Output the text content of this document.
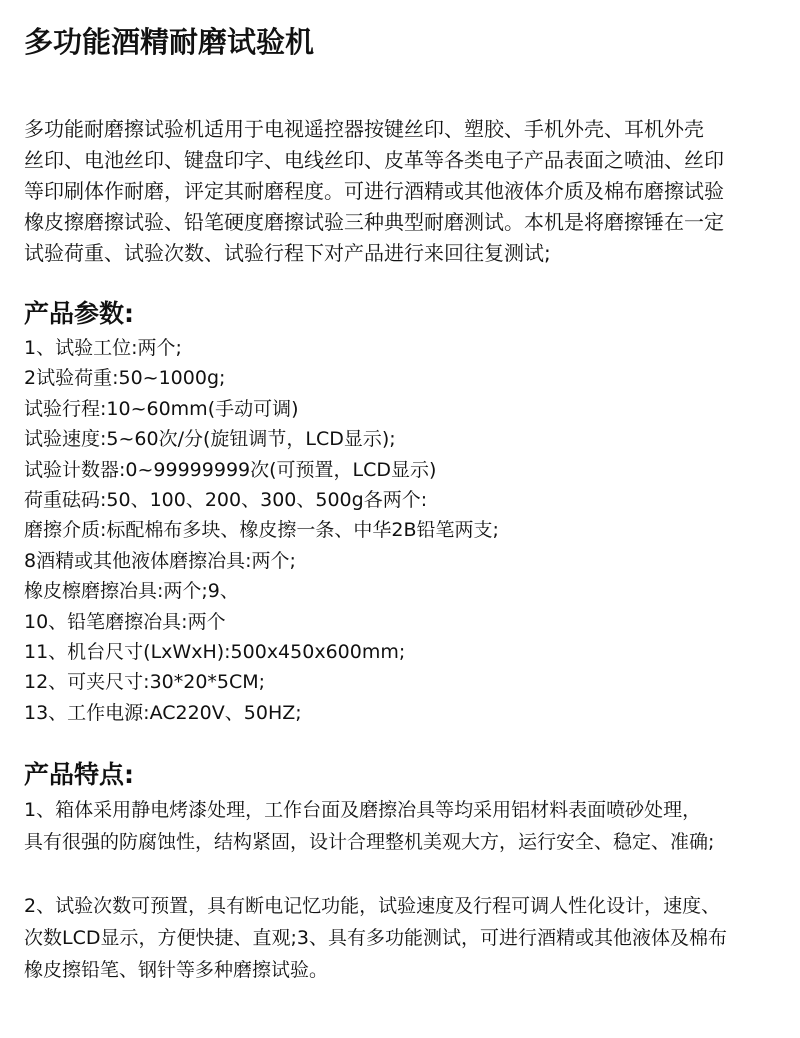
多功能酒精耐磨试验机
多功能耐磨擦试验机适用于电视遥控器按键丝印、塑胶、手机外壳、耳机外壳
丝印、电池丝印、键盘印字、电线丝印、皮革等各类电子产品表面之喷油、丝印
等印刷体作耐磨，评定其耐磨程度。可进行酒精或其他液体介质及棉布磨擦试验
橡皮擦磨擦试验、铅笔硬度磨擦试验三种典型耐磨测试。本机是将磨擦锤在一定
试验荷重、试验次数、试验行程下对产品进行来回往复测试;
产品参数:
1、试验工位:两个;
2试验荷重:50~1000g;
试验行程:10~60mm(手动可调)
试验速度:5~60次/分(旋钮调节，LCD显示);
试验计数器:0~99999999次(可预置，LCD显示)
荷重砝码:50、100、200、300、500g各两个:
磨擦介质:标配棉布多块、橡皮擦一条、中华2B铅笔两支;
8酒精或其他液体磨擦冶具:两个;
橡皮檫磨擦冶具:两个;9、
10、铅笔磨擦冶具:两个
11、机台尺寸(LxWxH):500x450x600mm;
12、可夹尺寸:30*20*5CM;
13、工作电源:AC220V、50HZ;
产品特点:
1、箱体采用静电烤漆处理，工作台面及磨擦冶具等均采用铝材料表面喷砂处理，
具有很强的防腐蚀性，结构紧固，设计合理整机美观大方，运行安全、稳定、准确;
2、试验次数可预置，具有断电记忆功能，试验速度及行程可调人性化设计，速度、
次数LCD显示，方便快捷、直观;3、具有多功能测试，可进行酒精或其他液体及棉布
橡皮擦铅笔、钢针等多种磨擦试验。
